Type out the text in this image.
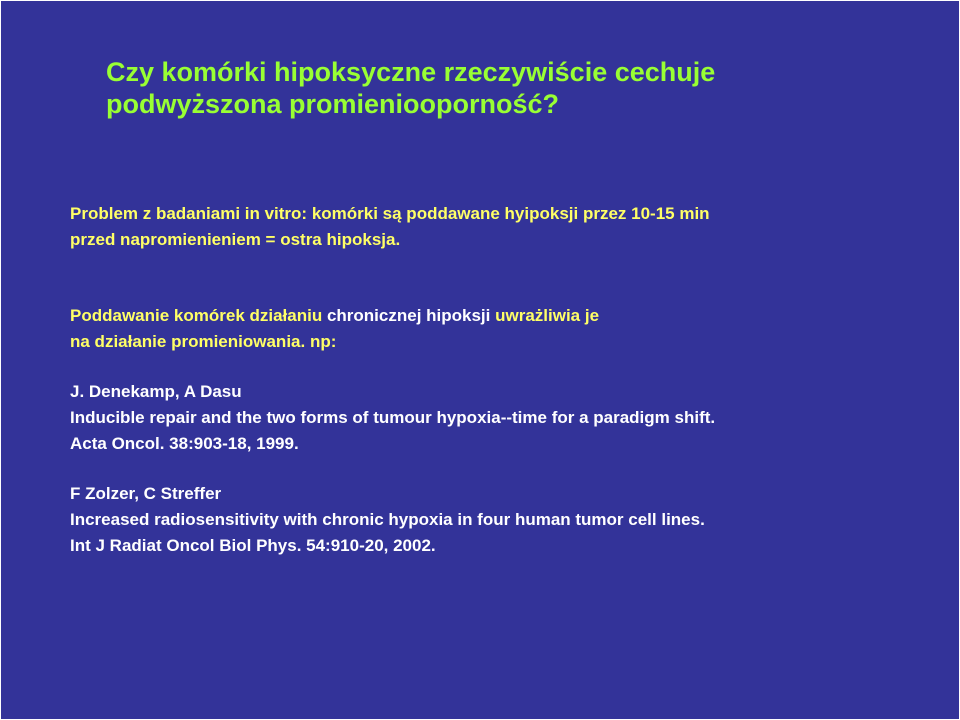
Czy komórki hipoksyczne rzeczywiście cechuje
podwyższona promieniooporność?
Problem z badaniami in vitro: komórki są poddawane hyipoksji przez 10-15 min
przed napromienieniem = ostra hipoksja.
Poddawanie komórek działaniu chronicznej hipoksji uwrażliwia je
na działanie promieniowania. np:
J. Denekamp, A Dasu
Inducible repair and the two forms of tumour hypoxia--time for a paradigm shift.
Acta Oncol. 38:903-18, 1999.
F Zolzer, C Streffer
Increased radiosensitivity with chronic hypoxia in four human tumor cell lines.
Int J Radiat Oncol Biol Phys. 54:910-20, 2002.
